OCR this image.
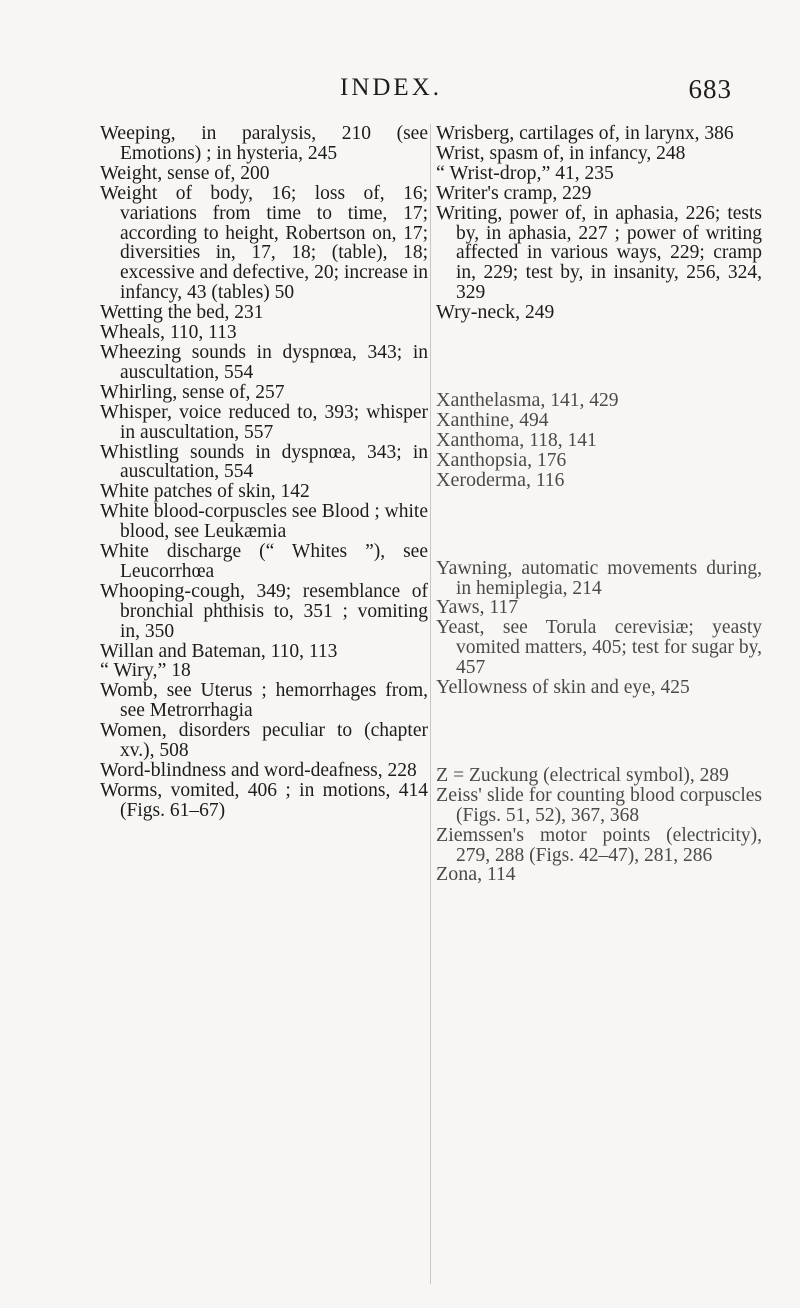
INDEX.	683
Weeping, in paralysis, 210 (see Emotions) ; in hysteria, 245
Weight, sense of, 200
Weight of body, 16; loss of, 16; variations from time to time, 17; according to height, Robertson on, 17; diversities in, 17, 18; (table), 18; excessive and defective, 20; increase in infancy, 43 (tables) 50
Wetting the bed, 231
Wheals, 110, 113
Wheezing sounds in dyspnœa, 343; in auscultation, 554
Whirling, sense of, 257
Whisper, voice reduced to, 393; whisper in auscultation, 557
Whistling sounds in dyspnœa, 343; in auscultation, 554
White patches of skin, 142
White blood-corpuscles see Blood ; white blood, see Leukæmia
White discharge (“ Whites ”), see Leucorrhœa
Whooping-cough, 349; resemblance of bronchial phthisis to, 351 ; vomiting in, 350
Willan and Bateman, 110, 113
“ Wiry,” 18
Womb, see Uterus ; hemorrhages from, see Metrorrhagia
Women, disorders peculiar to (chapter xv.), 508
Word-blindness and word-deafness, 228
Worms, vomited, 406 ; in motions, 414 (Figs. 61–67)
Wrisberg, cartilages of, in larynx, 386
Wrist, spasm of, in infancy, 248
“ Wrist-drop,” 41, 235
Writer's cramp, 229
Writing, power of, in aphasia, 226; tests by, in aphasia, 227 ; power of writing affected in various ways, 229; cramp in, 229; test by, in insanity, 256, 324, 329
Wry-neck, 249
Xanthelasma, 141, 429
Xanthine, 494
Xanthoma, 118, 141
Xanthopsia, 176
Xeroderma, 116
Yawning, automatic movements during, in hemiplegia, 214
Yaws, 117
Yeast, see Torula cerevisiæ; yeasty vomited matters, 405; test for sugar by, 457
Yellowness of skin and eye, 425
Z = Zuckung (electrical symbol), 289
Zeiss' slide for counting blood corpuscles (Figs. 51, 52), 367, 368
Ziemssen's motor points (electricity), 279, 288 (Figs. 42–47), 281, 286
Zona, 114
